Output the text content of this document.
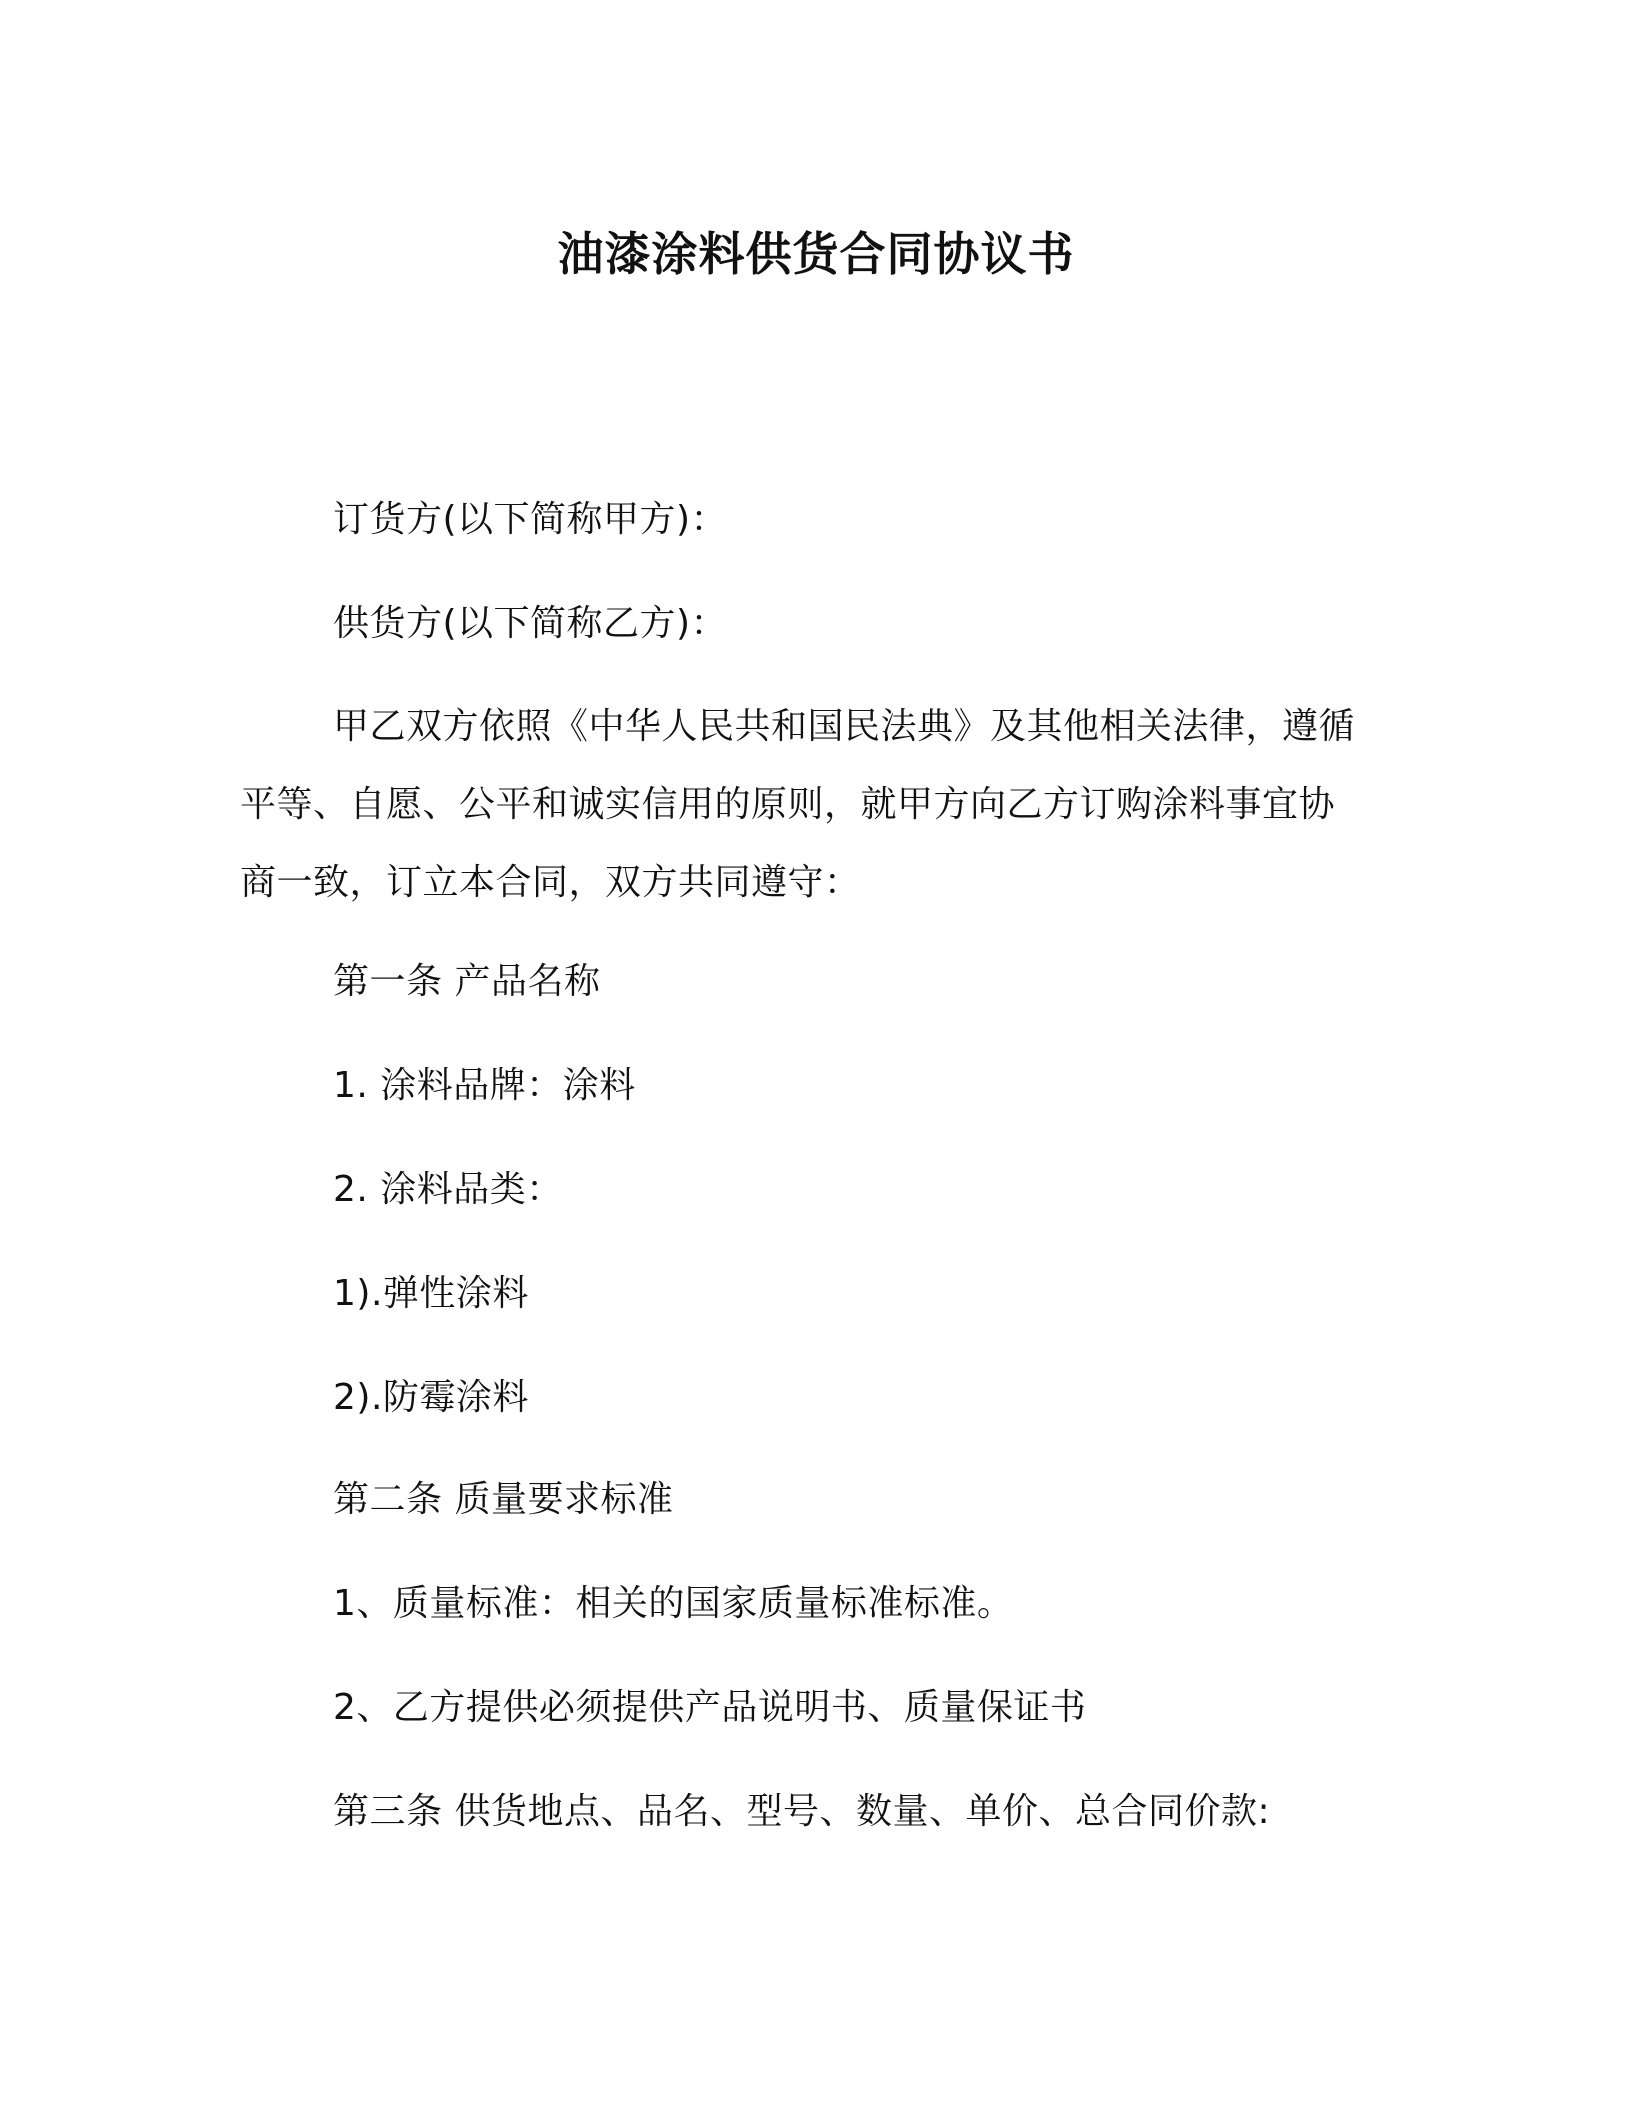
油漆涂料供货合同协议书
订货方(以下简称甲方)：
供货方(以下简称乙方)：
甲乙双方依照《中华人民共和国民法典》及其他相关法律，遵循
平等、自愿、公平和诚实信用的原则，就甲方向乙方订购涂料事宜协
商一致，订立本合同，双方共同遵守：
第一条 产品名称
1. 涂料品牌：涂料
2. 涂料品类：
1).弹性涂料
2).防霉涂料
第二条 质量要求标准
1、质量标准：相关的国家质量标准标准。
2、乙方提供必须提供产品说明书、质量保证书
第三条 供货地点、品名、型号、数量、单价、总合同价款:
